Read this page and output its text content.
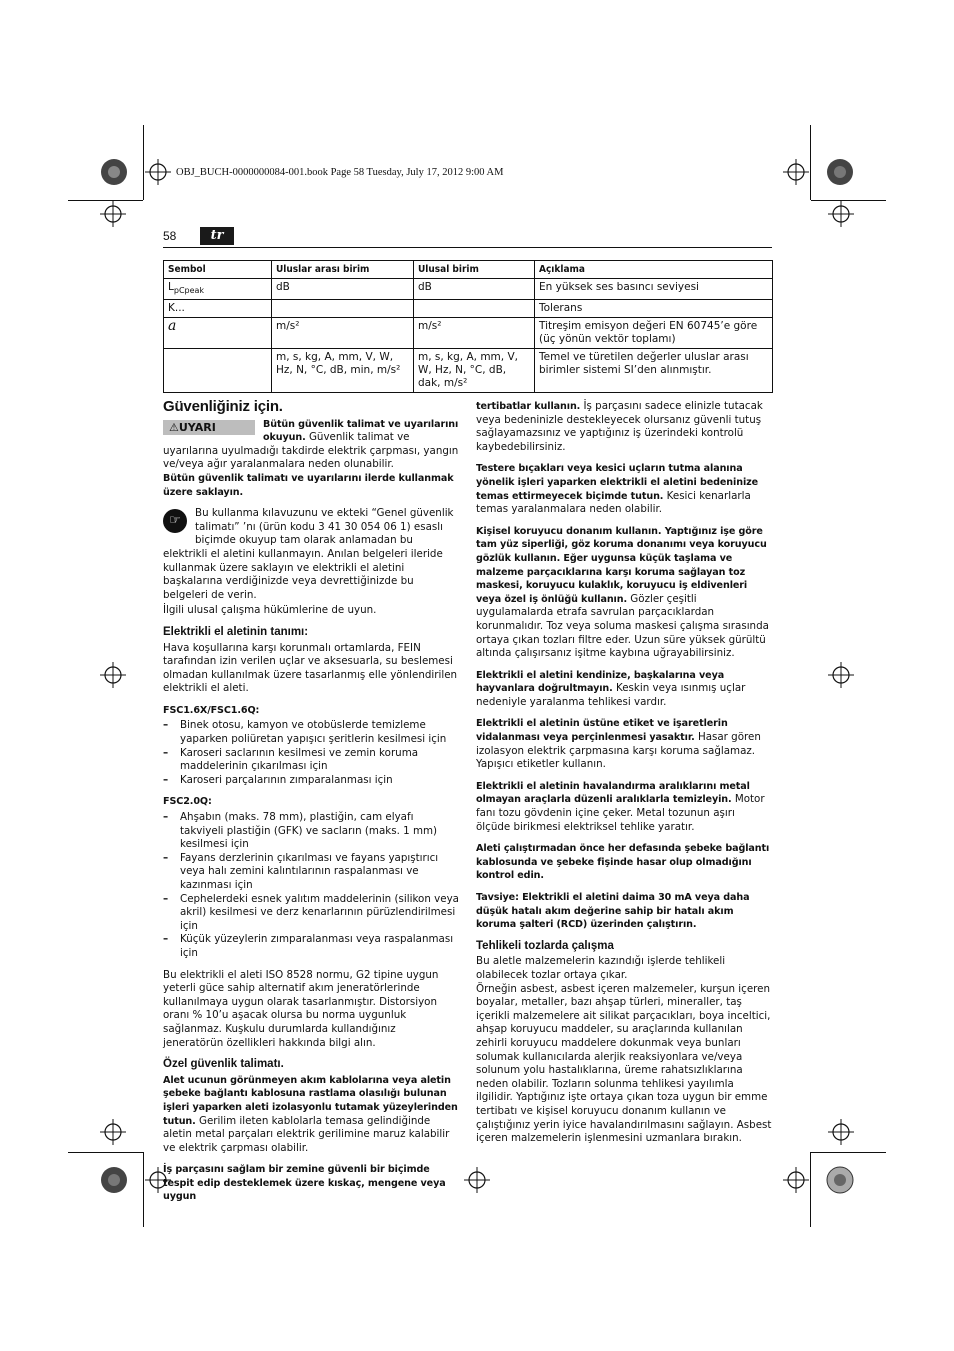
OBJ_BUCH-0000000084-001.book Page 58 Tuesday, July 17, 2012 9:00 AM
58	tr
Sembol	Uluslar arası birim	Ulusal birim	Açıklama
$L_{pCpeak}$	dB	dB	En yüksek ses basıncı seviyesi
K...			Tolerans
a	m/s²	m/s²	Titreşim emisyon değeri EN 60745’e göre (üç yönün vektör toplamı)
	m, s, kg, A, mm, V, W, Hz, N, °C, dB, min, m/s²	m, s, kg, A, mm, V, W, Hz, N, °C, dB, dak, m/s²	Temel ve türetilen değerler uluslar arası birimler sistemi SI’den alınmıştır.
Güvenliğiniz için.
⚠UYARI	Bütün güvenlik talimat ve uyarılarını okuyun. Güvenlik talimat ve uyarılarına uyulmadığı takdirde elektrik çarpması, yangın ve/veya ağır yaralanmalara neden olunabilir.

Bütün güvenlik talimatı ve uyarılarını ilerde kullanmak üzere saklayın.

☞	Bu kullanma kılavuzunu ve ekteki “Genel güvenlik talimatı” ’nı (ürün kodu 3 41 30 054 06 1) esaslı biçimde okuyup tam olarak anlamadan bu elektrikli el aletini kullanmayın. Anılan belgeleri ileride kullanmak üzere saklayın ve elektrikli el aletini başkalarına verdiğinizde veya devrettiğinizde bu belgeleri de verin.

İlgili ulusal çalışma hükümlerine de uyun.

Elektrikli el aletinin tanımı:

Hava koşullarına karşı korunmalı ortamlarda, FEIN tarafından izin verilen uçlar ve aksesuarla, su beslemesi olmadan kullanılmak üzere tasarlanmış elle yönlendirilen elektrikli el aleti.

FSC1.6X/FSC1.6Q:

– Binek otosu, kamyon ve otobüslerde temizleme yaparken poliüretan yapışıcı şeritlerin kesilmesi için
– Karoseri saclarının kesilmesi ve zemin koruma maddelerinin çıkarılması için
– Karoseri parçalarının zımparalanması için

FSC2.0Q:

– Ahşabın (maks. 78 mm), plastiğin, cam elyafı takviyeli plastiğin (GFK) ve sacların (maks. 1 mm) kesilmesi için
– Fayans derzlerinin çıkarılması ve fayans yapıştırıcı veya halı zemini kalıntılarının raspalanması ve kazınması için
– Cephelerdeki esnek yalıtım maddelerinin (silikon veya akril) kesilmesi ve derz kenarlarının pürüzlendirilmesi için
– Küçük yüzeylerin zımparalanması veya raspalanması için

Bu elektrikli el aleti ISO 8528 normu, G2 tipine uygun yeterli güce sahip alternatif akım jeneratörlerinde kullanılmaya uygun olarak tasarlanmıştır. Distorsiyon oranı % 10’u aşacak olursa bu norma uygunluk sağlanmaz. Kuşkulu durumlarda kullandığınız jeneratörün özellikleri hakkında bilgi alın.

Özel güvenlik talimatı.

Alet ucunun görünmeyen akım kablolarına veya aletin şebeke bağlantı kablosuna rastlama olasılığı bulunan işleri yaparken aleti izolasyonlu tutamak yüzeylerinden tutun. Gerilim ileten kablolarla temasa gelindiğinde aletin metal parçaları elektrik gerilimine maruz kalabilir ve elektrik çarpması olabilir.

İş parçasını sağlam bir zemine güvenli bir biçimde tespit edip desteklemek üzere kıskaç, mengene veya uygun

tertibatlar kullanın. İş parçasını sadece elinizle tutacak veya bedeninizle destekleyecek olursanız güvenli tutuş sağlayamazsınız ve yaptığınız iş üzerindeki kontrolü kaybedebilirsiniz.

Testere bıçakları veya kesici uçların tutma alanına yönelik işleri yaparken elektrikli el aletini bedeninize temas ettirmeyecek biçimde tutun. Kesici kenarlarla temas yaralanmalara neden olabilir.

Kişisel koruyucu donanım kullanın. Yaptığınız işe göre tam yüz siperliği, göz koruma donanımı veya koruyucu gözlük kullanın. Eğer uygunsa küçük taşlama ve malzeme parçacıklarına karşı koruma sağlayan toz maskesi, koruyucu kulaklık, koruyucu iş eldivenleri veya özel iş önlüğü kullanın. Gözler çeşitli uygulamalarda etrafa savrulan parçacıklardan korunmalıdır. Toz veya soluma maskesi çalışma sırasında ortaya çıkan tozları filtre eder. Uzun süre yüksek gürültü altında çalışırsanız işitme kaybına uğrayabilirsiniz.

Elektrikli el aletini kendinize, başkalarına veya hayvanlara doğrultmayın. Keskin veya ısınmış uçlar nedeniyle yaralanma tehlikesi vardır.

Elektrikli el aletinin üstüne etiket ve işaretlerin vidalanması veya perçinlenmesi yasaktır. Hasar gören izolasyon elektrik çarpmasına karşı koruma sağlamaz. Yapışıcı etiketler kullanın.

Elektrikli el aletinin havalandırma aralıklarını metal olmayan araçlarla düzenli aralıklarla temizleyin. Motor fanı tozu gövdenin içine çeker. Metal tozunun aşırı ölçüde birikmesi elektriksel tehlike yaratır.

Aleti çalıştırmadan önce her defasında şebeke bağlantı kablosunda ve şebeke fişinde hasar olup olmadığını kontrol edin.

Tavsiye: Elektrikli el aletini daima 30 mA veya daha düşük hatalı akım değerine sahip bir hatalı akım koruma şalteri (RCD) üzerinden çalıştırın.

Tehlikeli tozlarda çalışma

Bu aletle malzemelerin kazındığı işlerde tehlikeli olabilecek tozlar ortaya çıkar.

Örneğin asbest, asbest içeren malzemeler, kurşun içeren boyalar, metaller, bazı ahşap türleri, mineraller, taş içerikli malzemelere ait silikat parçacıkları, boya inceltici, ahşap koruyucu maddeler, su araçlarında kullanılan zehirli koruyucu maddelere dokunmak veya bunları solumak kullanıcılarda alerjik reaksiyonlara ve/veya solunum yolu hastalıklarına, üreme rahatsızlıklarına neden olabilir. Tozların solunma tehlikesi yayılımla ilgilidir. Yaptığınız işte ortaya çıkan toza uygun bir emme tertibatı ve kişisel koruyucu donanım kullanın ve çalıştığınız yerin iyice havalandırılmasını sağlayın. Asbest içeren malzemelerin işlenmesini uzmanlara bırakın.
